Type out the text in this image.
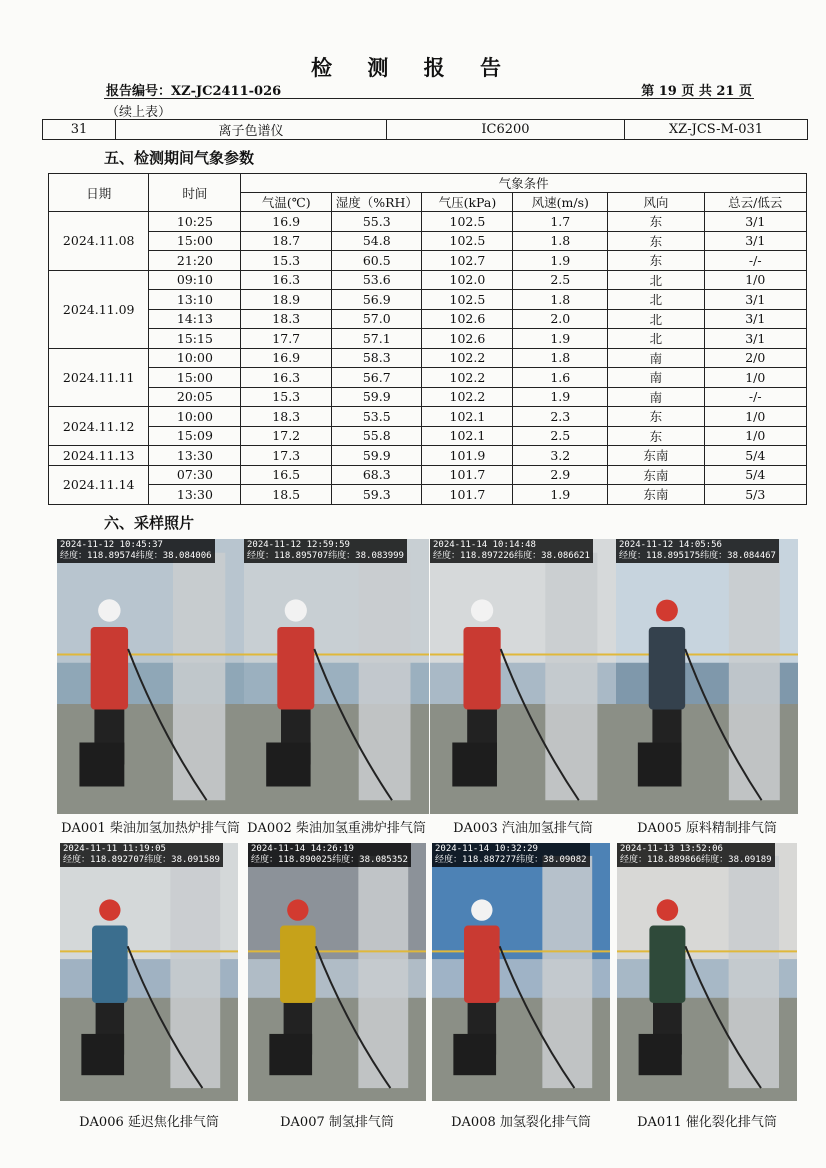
检 测 报 告
报告编号：XZ-JC2411-026	第 19 页 共 21 页
（续上表）
31	离子色谱仪	IC6200	XZ-JCS-M-031
五、检测期间气象参数
日期	时间	气象条件					
		气温(℃)	湿度（%RH）	气压(kPa)	风速(m/s)	风向	总云/低云
2024.11.08	10:25	16.9	55.3	102.5	1.7	东	3/1
	15:00	18.7	54.8	102.5	1.8	东	3/1
	21:20	15.3	60.5	102.7	1.9	东	-/-
2024.11.09	09:10	16.3	53.6	102.0	2.5	北	1/0
	13:10	18.9	56.9	102.5	1.8	北	3/1
	14:13	18.3	57.0	102.6	2.0	北	3/1
	15:15	17.7	57.1	102.6	1.9	北	3/1
2024.11.11	10:00	16.9	58.3	102.2	1.8	南	2/0
	15:00	16.3	56.7	102.2	1.6	南	1/0
	20:05	15.3	59.9	102.2	1.9	南	-/-
2024.11.12	10:00	18.3	53.5	102.1	2.3	东	1/0
	15:09	17.2	55.8	102.1	2.5	东	1/0
2024.11.13	13:30	17.3	59.9	101.9	3.2	东南	5/4
2024.11.14	07:30	16.5	68.3	101.7	2.9	东南	5/4
	13:30	18.5	59.3	101.7	1.9	东南	5/3
六、采样照片
2024-11-12 10:45:37
经度：118.89574纬度：38.084006
DA001 柴油加氢加热炉排气筒
2024-11-12 12:59:59
经度：118.895707纬度：38.083999
DA002 柴油加氢重沸炉排气筒
2024-11-14 10:14:48
经度：118.897226纬度：38.086621
DA003 汽油加氢排气筒
2024-11-12 14:05:56
经度：118.895175纬度：38.084467
DA005 原料精制排气筒
2024-11-11 11:19:05
经度：118.892707纬度：38.091589
DA006 延迟焦化排气筒
2024-11-14 14:26:19
经度：118.890025纬度：38.085352
DA007 制氢排气筒
2024-11-14 10:32:29
经度：118.887277纬度：38.09082
DA008 加氢裂化排气筒
2024-11-13 13:52:06
经度：118.889866纬度：38.09189
DA011 催化裂化排气筒
